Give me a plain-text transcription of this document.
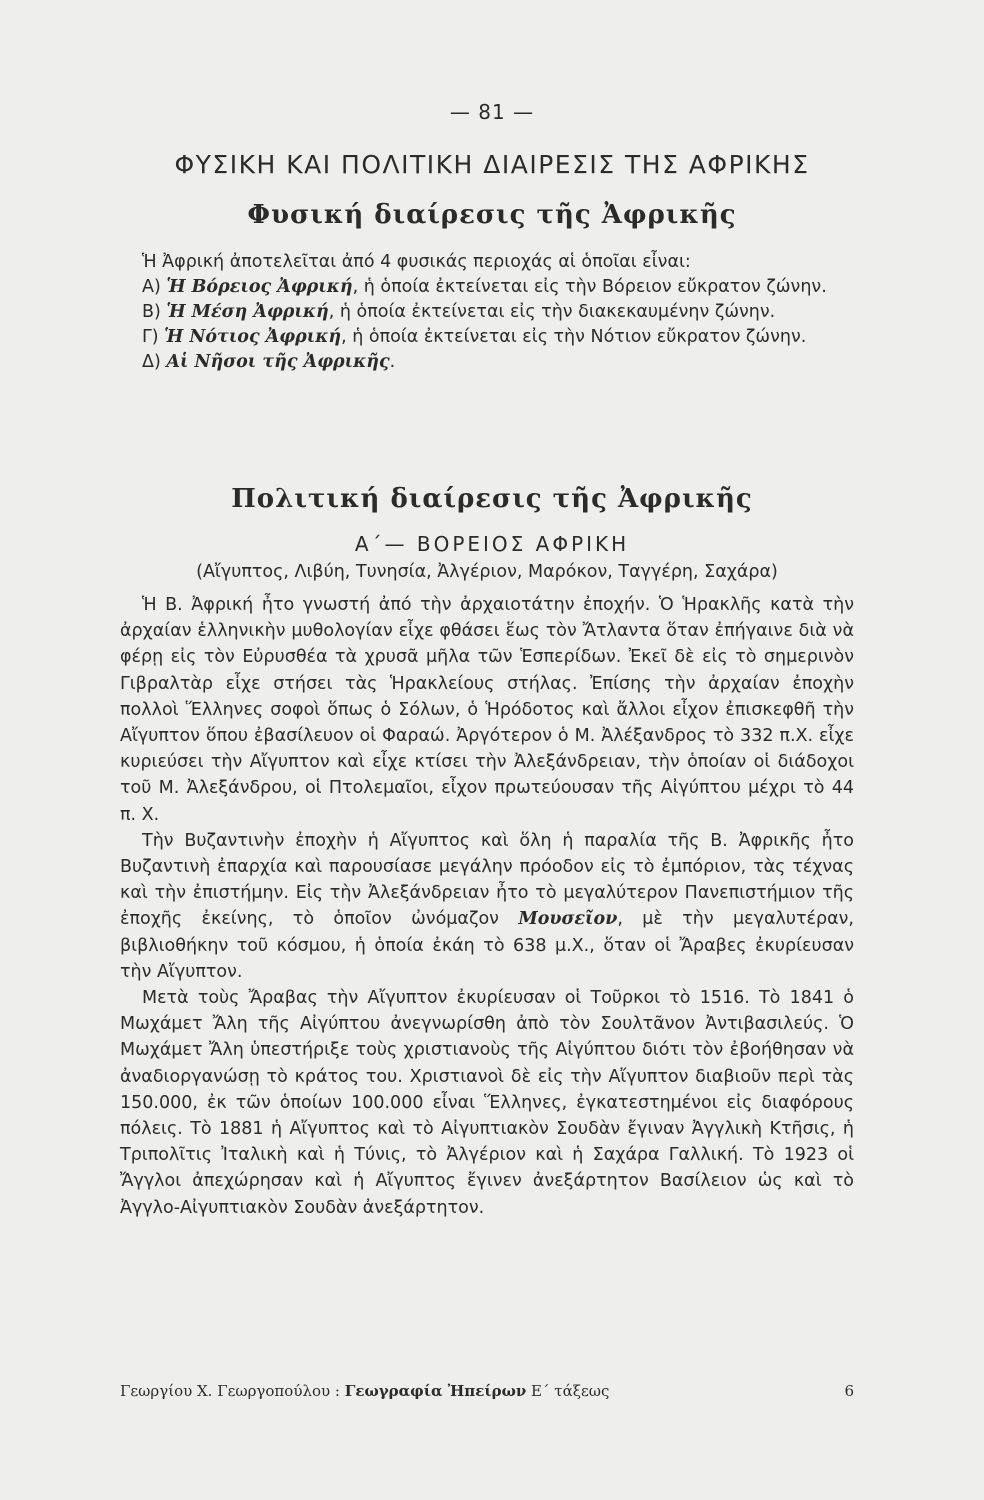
— 81 —
ΦΥΣΙΚΗ ΚΑΙ ΠΟΛΙΤΙΚΗ ΔΙΑΙΡΕΣΙΣ ΤΗΣ ΑΦΡΙΚΗΣ
Φυσική διαίρεσις τῆς Ἀφρικῆς
Ἡ Ἀφρική ἀποτελεῖται ἀπό 4 φυσικάς περιοχάς αἱ ὁποῖαι εἶναι:

Α) Ἡ Βόρειος Ἀφρική, ἡ ὁποία ἐκτείνεται εἰς τὴν Βόρειον εὔκρατον ζώνην.

Β) Ἡ Μέση Ἀφρική, ἡ ὁποία ἐκτείνεται εἰς τὴν διακεκαυμένην ζώνην.

Γ) Ἡ Νότιος Ἀφρική, ἡ ὁποία ἐκτείνεται εἰς τὴν Νότιον εὔκρατον ζώνην.

Δ) Αἱ Νῆσοι τῆς Ἀφρικῆς.

Πολιτική διαίρεσις τῆς Ἀφρικῆς
Α΄— ΒΟΡΕΙΟΣ ΑΦΡΙΚΗ
(Αἴγυπτος, Λιβύη, Τυνησία, Ἀλγέριον, Μαρόκον, Ταγγέρη, Σαχάρα)

Ἡ Β. Ἀφρική ἦτο γνωστή ἀπό τὴν ἀρχαιοτάτην ἐποχήν. Ὁ Ἡρακλῆς κατὰ τὴν ἀρχαίαν ἑλληνικὴν μυθολογίαν εἶχε φθάσει ἕως τὸν Ἄτλαντα ὅταν ἐπήγαινε διὰ νὰ φέρῃ εἰς τὸν Εὐρυσθέα τὰ χρυσᾶ μῆλα τῶν Ἑσπερίδων. Ἐκεῖ δὲ εἰς τὸ σημερινὸν Γιβραλτὰρ εἶχε στήσει τὰς Ἡρακλείους στήλας. Ἐπίσης τὴν ἀρχαίαν ἐποχὴν πολλοὶ Ἕλληνες σοφοὶ ὅπως ὁ Σόλων, ὁ Ἡρόδοτος καὶ ἄλλοι εἶχον ἐπισκεφθῆ τὴν Αἴγυπτον ὅπου ἐβασίλευον οἱ Φαραώ. Ἀργότερον ὁ Μ. Ἀλέξανδρος τὸ 332 π.Χ. εἶχε κυριεύσει τὴν Αἴγυπτον καὶ εἶχε κτίσει τὴν Ἀλεξάνδρειαν, τὴν ὁποίαν οἱ διάδοχοι τοῦ Μ. Ἀλεξάνδρου, οἱ Πτολεμαῖοι, εἶχον πρωτεύουσαν τῆς Αἰγύπτου μέχρι τὸ 44 π. Χ.

Τὴν Βυζαντινὴν ἐποχὴν ἡ Αἴγυπτος καὶ ὅλη ἡ παραλία τῆς Β. Ἀφρικῆς ἦτο Βυζαντινὴ ἐπαρχία καὶ παρουσίασε μεγάλην πρόοδον εἰς τὸ ἐμπόριον, τὰς τέχνας καὶ τὴν ἐπιστήμην. Εἰς τὴν Ἀλεξάνδρειαν ἦτο τὸ μεγαλύτερον Πανεπιστήμιον τῆς ἐποχῆς ἐκείνης, τὸ ὁποῖον ὠνόμαζον Μουσεῖον, μὲ τὴν μεγαλυτέραν, βιβλιοθήκην τοῦ κόσμου, ἡ ὁποία ἐκάη τὸ 638 μ.Χ., ὅταν οἱ Ἄραβες ἐκυρίευσαν τὴν Αἴγυπτον.

Μετὰ τοὺς Ἄραβας τὴν Αἴγυπτον ἐκυρίευσαν οἱ Τοῦρκοι τὸ 1516. Τὸ 1841 ὁ Μωχάμετ Ἄλη τῆς Αἰγύπτου ἀνεγνωρίσθη ἀπὸ τὸν Σουλτᾶνον Ἀντιβασιλεύς. Ὁ Μωχάμετ Ἄλη ὑπεστήριξε τοὺς χριστιανοὺς τῆς Αἰγύπτου διότι τὸν ἐβοήθησαν νὰ ἀναδιοργανώσῃ τὸ κράτος του. Χριστιανοὶ δὲ εἰς τὴν Αἴγυπτον διαβιοῦν περὶ τὰς 150.000, ἐκ τῶν ὁποίων 100.000 εἶναι Ἕλληνες, ἐγκατεστημένοι εἰς διαφόρους πόλεις. Τὸ 1881 ἡ Αἴγυπτος καὶ τὸ Αἰγυπτιακὸν Σουδὰν ἔγιναν Ἀγγλικὴ Κτῆσις, ἡ Τριπολῖτις Ἰταλικὴ καὶ ἡ Τύνις, τὸ Ἀλγέριον καὶ ἡ Σαχάρα Γαλλική. Τὸ 1923 οἱ Ἄγγλοι ἀπεχώρησαν καὶ ἡ Αἴγυπτος ἔγινεν ἀνεξάρτητον Βασίλειον ὡς καὶ τὸ Ἀγγλο-Αἰγυπτιακὸν Σουδὰν ἀνεξάρτητον.

Γεωργίου Χ. Γεωργοπούλου : Γεωγραφία Ἠπείρων Ε΄ τάξεως	6
